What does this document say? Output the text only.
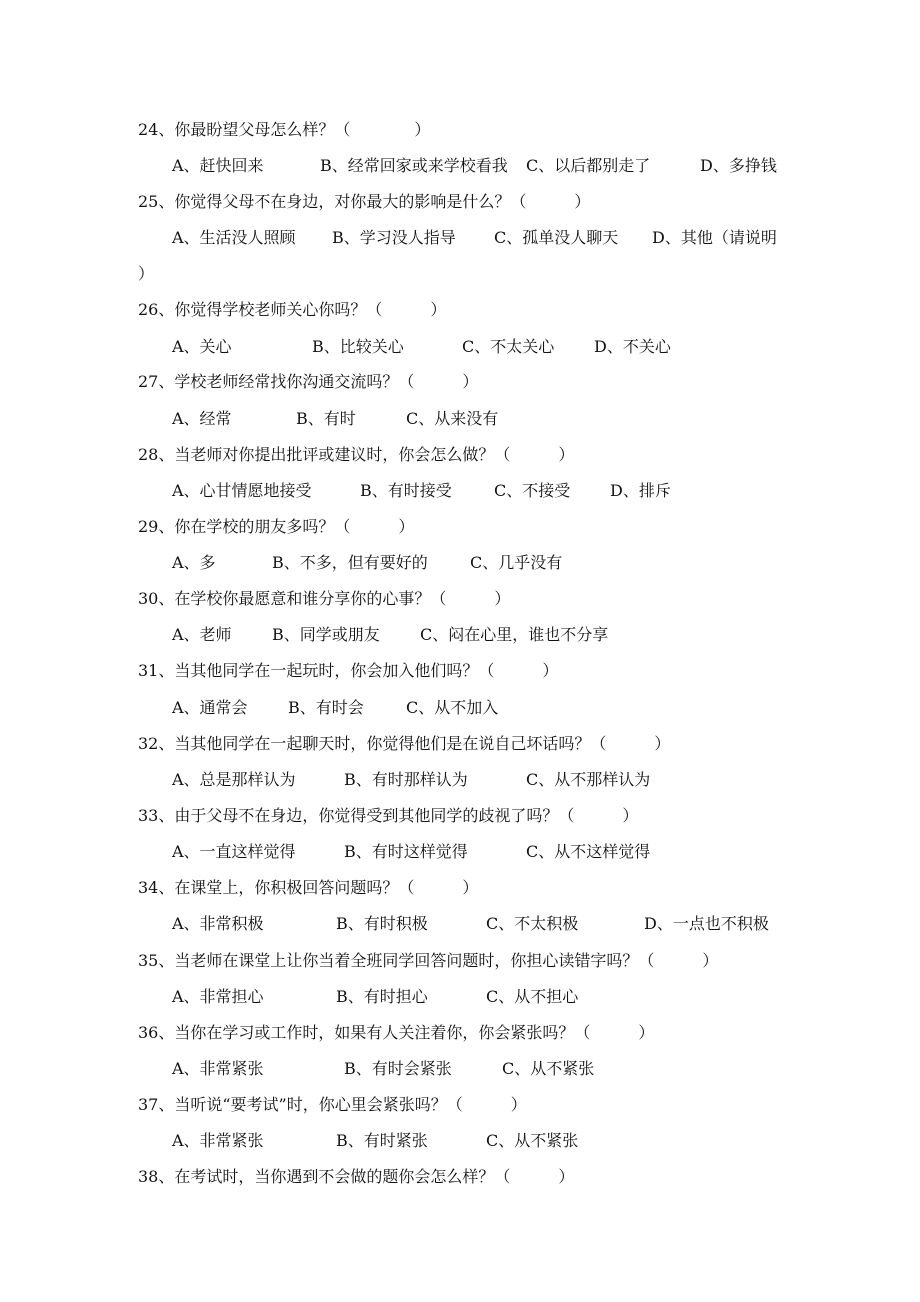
24、你最盼望父母怎么样？（　　　　）
A、赶快回来	B、经常回家或来学校看我 C、以后都别走了	D、多挣钱
25、你觉得父母不在身边，对你最大的影响是什么？（　　　）
A、生活没人照顾 B、学习没人指导 C、孤单没人聊天 D、其他（请说明
）
26、你觉得学校老师关心你吗？（　　　）
A、关心	B、比较关心	C、不太关心 D、不关心
27、学校老师经常找你沟通交流吗？（　　　）
A、经常	B、有时	C、从来没有
28、当老师对你提出批评或建议时，你会怎么做？（　　　）
A、心甘情愿地接受	B、有时接受	C、不接受 D、排斥
29、你在学校的朋友多吗？（　　　）
A、多	B、不多，但有要好的	C、几乎没有
30、在学校你最愿意和谁分享你的心事？（　　　）
A、老师	B、同学或朋友	C、闷在心里，谁也不分享
31、当其他同学在一起玩时，你会加入他们吗？（　　　）
A、通常会	B、有时会	C、从不加入
32、当其他同学在一起聊天时，你觉得他们是在说自己坏话吗？（　　　）
A、总是那样认为	B、有时那样认为	C、从不那样认为
33、由于父母不在身边，你觉得受到其他同学的歧视了吗？（　　　）
A、一直这样觉得	B、有时这样觉得	C、从不这样觉得
34、在课堂上，你积极回答问题吗？（　　　）
A、非常积极	B、有时积极	C、不太积极	D、一点也不积极
35、当老师在课堂上让你当着全班同学回答问题时，你担心读错字吗？（　　　）
A、非常担心	B、有时担心	C、从不担心
36、当你在学习或工作时，如果有人关注着你，你会紧张吗？（　　　）
A、非常紧张	B、有时会紧张	C、从不紧张
37、当听说“要考试”时，你心里会紧张吗？（　　　）
A、非常紧张	B、有时紧张	C、从不紧张
38、在考试时，当你遇到不会做的题你会怎么样？（　　　）
